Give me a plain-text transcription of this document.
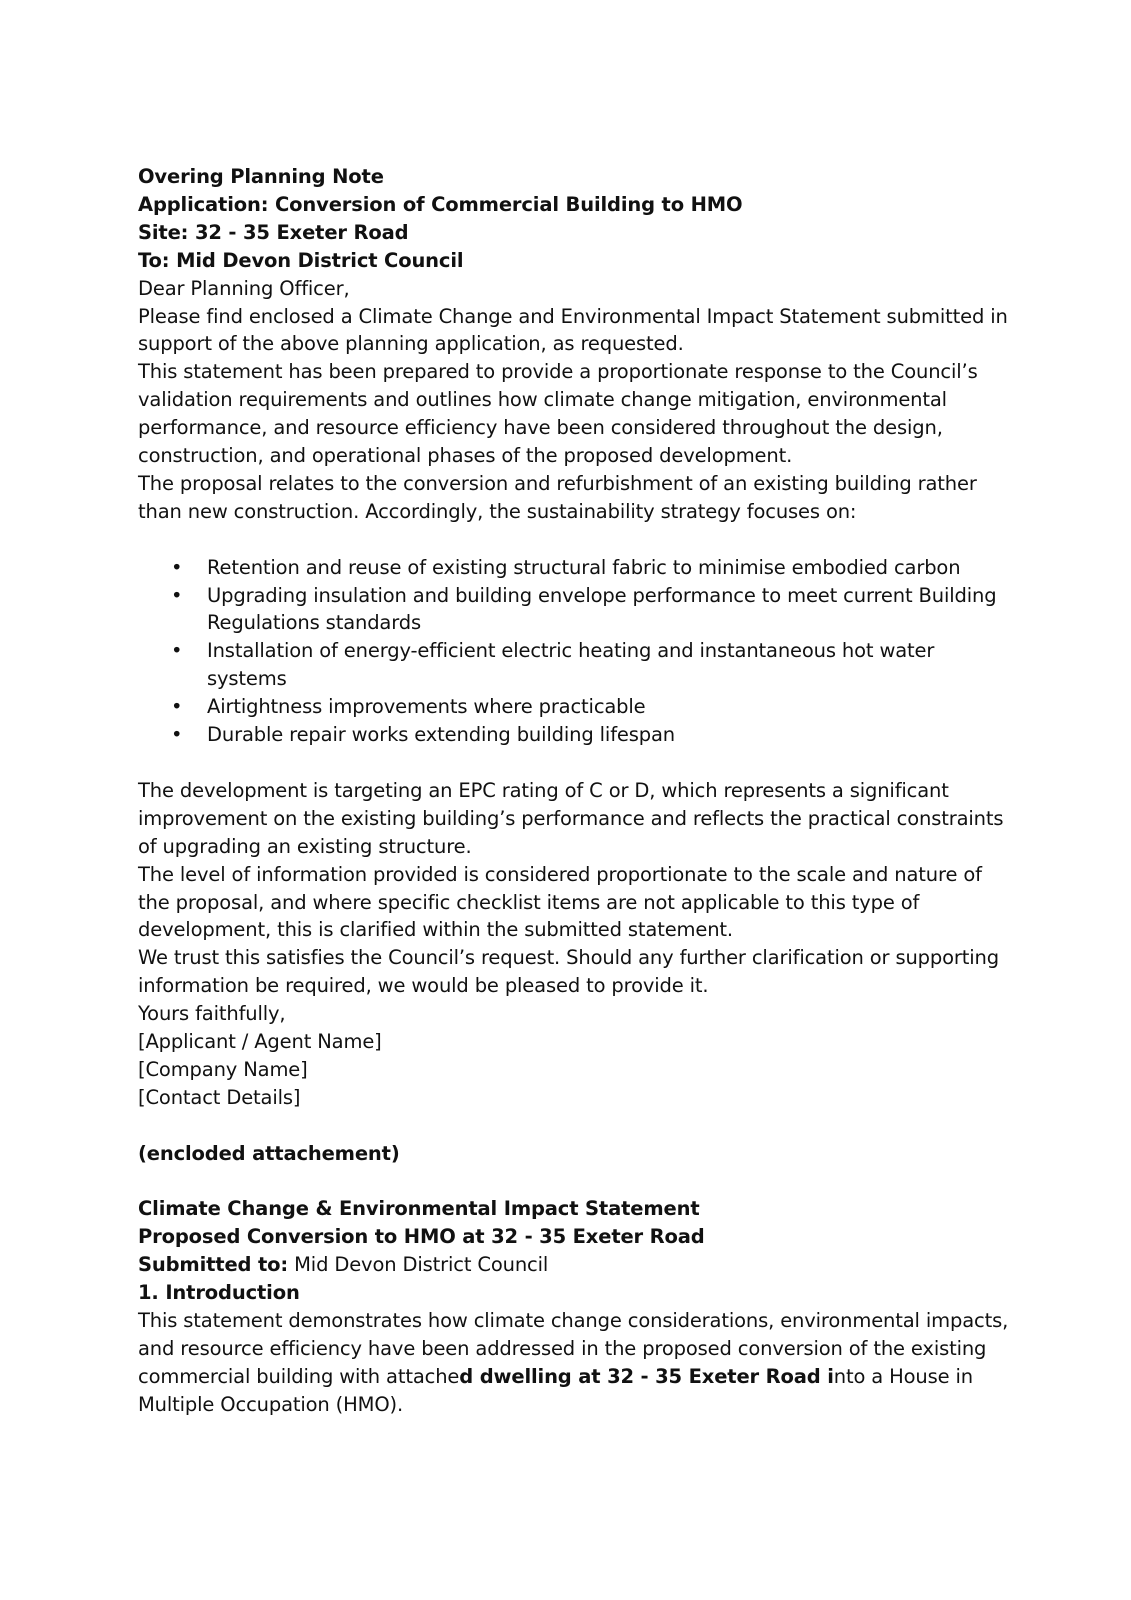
Overing Planning Note

Application: Conversion of Commercial Building to HMO

Site: 32 - 35 Exeter Road

To: Mid Devon District Council

Dear Planning Officer,

Please find enclosed a Climate Change and Environmental Impact Statement submitted in support of the above planning application, as requested.

This statement has been prepared to provide a proportionate response to the Council’s validation requirements and outlines how climate change mitigation, environmental performance, and resource efficiency have been considered throughout the design, construction, and operational phases of the proposed development.

The proposal relates to the conversion and refurbishment of an existing building rather than new construction. Accordingly, the sustainability strategy focuses on:

• Retention and reuse of existing structural fabric to minimise embodied carbon
• Upgrading insulation and building envelope performance to meet current Building Regulations standards
• Installation of energy-efficient electric heating and instantaneous hot water systems
• Airtightness improvements where practicable
• Durable repair works extending building lifespan

The development is targeting an EPC rating of C or D, which represents a significant improvement on the existing building’s performance and reflects the practical constraints of upgrading an existing structure.

The level of information provided is considered proportionate to the scale and nature of the proposal, and where specific checklist items are not applicable to this type of development, this is clarified within the submitted statement.

We trust this satisfies the Council’s request. Should any further clarification or supporting information be required, we would be pleased to provide it.

Yours faithfully,

[Applicant / Agent Name]

[Company Name]

[Contact Details]

(encloded attachement)

Climate Change & Environmental Impact Statement

Proposed Conversion to HMO at 32 - 35 Exeter Road

Submitted to: Mid Devon District Council

1. Introduction

This statement demonstrates how climate change considerations, environmental impacts, and resource efficiency have been addressed in the proposed conversion of the existing commercial building with attached dwelling at 32 - 35 Exeter Road into a House in Multiple Occupation (HMO).
